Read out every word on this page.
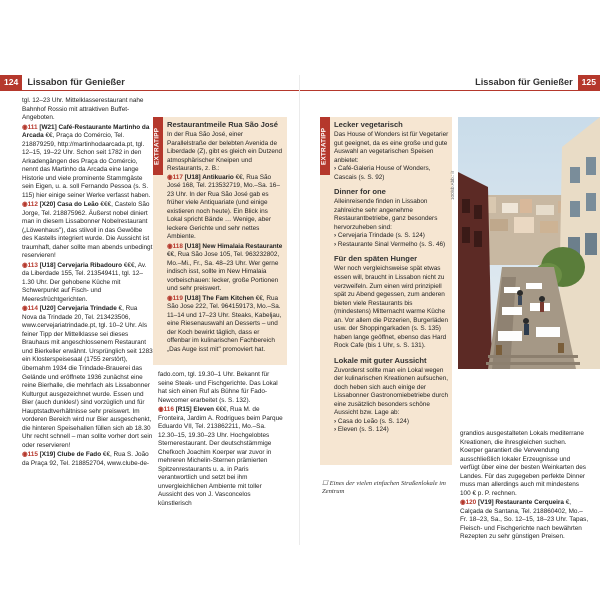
124 Lissabon für Genießer

tgl. 12–23 Uhr. Mittelklasserestaurant nahe Bahnhof Rossio mit attraktiven Buffet-Angeboten.

◉111 [W21] Café-Restaurante Martinho da Arcada €€, Praça do Comércio, Tel. 218879259, http://martinhodaarcada.pt, tgl. 12–15, 19–22 Uhr. Schon seit 1782 in den Arkadengängen des Praça do Comércio, nennt das Martinho da Arcada eine lange Historie und viele prominente Stammgäste sein Eigen, u. a. soll Fernando Pessoa (s. S. 115) hier einige seiner Werke verfasst haben.

◉112 [X20] Casa do Leão €€€, Castelo São Jorge, Tel. 218875962. Äußerst nobel diniert man in diesem Lissabonner Nobelrestaurant („Löwenhaus"), das stilvoll in das Gewölbe des Kastells integriert wurde. Die Aussicht ist traumhaft, daher sollte man abends unbedingt reservieren!

◉113 [U18] Cervejaria Ribadouro €€€, Av. da Liberdade 155, Tel. 213549411, tgl. 12–1.30 Uhr. Der gehobene Küche mit Schwerpunkt auf Fisch- und Meeresfrüchtgerichten.

◉114 [U20] Cervejaria Trindade €, Rua Nova da Trindade 20, Tel. 213423506, www.cervejariatrindade.pt, tgl. 10–2 Uhr. Als feiner Tipp der Mittelklasse sei dieses Brauhaus mit angeschlossenem Restaurant und Bierkeller erwähnt. Ursprünglich seit 1283 ein Klosterspeisesaal (1755 zerstört), übernahm 1934 die Trindade-Brauerei das Gelände und eröffnete 1936 zunächst eine reine Bierhalle, die mehrfach als Lissabonner Kulturgut ausgezeichnet wurde. Essen und Bier (auch dunkles!) sind vorzüglich und für Hauptstadtverhältnisse sehr preiswert. Im vorderen Bereich wird nur Bier ausgeschenkt, die hinteren Speisehallen füllen sich ab 18.30 Uhr recht schnell – man sollte vorher dort sein oder reservieren!

◉115 [X19] Clube de Fado €€, Rua S. João da Praça 92, Tel. 218852704, www.clube-de-

fado.com, tgl. 19.30–1 Uhr. Bekannt für seine Steak- und Fischgerichte. Das Lokal hat sich einen Ruf als Bühne für Fado-Newcomer erarbeitet (s. S. 132).

◉116 [R15] Eleven €€€, Rua M. de Fronteira, Jardim A. Rodrigues beim Parque Eduardo VII, Tel. 213862211, Mo.–Sa. 12.30–15, 19.30–23 Uhr. Hochgelobtes Sternerestaurant. Der deutschstämmige Chefkoch Joachim Koerper war zuvor in mehreren Michelin-Sternen prämierten Spitzenrestaurants u. a. in Paris verantwortlich und setzt bei ihm unvergleichlichen Ambiente mit toller Aussicht des von J. Vasconcelos künstlerisch

EXTRATIPP
Restaurantmeile Rua São José

In der Rua São José, einer Parallelstraße der belebten Avenida de Liberdade (Z), gibt es gleich ein Dutzend atmosphärischer Kneipen und Restaurants, z. B.:

◉117 [U18] Antikuario €€, Rua São José 168, Tel. 213532719, Mo.–Sa. 16–23 Uhr. In der Rua São José gab es früher viele Antiquariate (und einige existieren noch heute). Ein Blick ins Lokal spricht Bände … Wenige, aber leckere Gerichte und sehr nettes Ambiente.

◉118 [U18] New Himalaia Restaurante €€, Rua São Jose 105, Tel. 963232802, Mo.–Mi., Fr., Sa. 48–23 Uhr. Wer gerne indisch isst, sollte im New Himalaia vorbeischauen: lecker, große Portionen und sehr preiswert.

◉119 [U18] The Fam Kitchen €€, Rua São Jose 222, Tel. 964159173, Mo.–Sa. 11–14 und 17–23 Uhr. Steaks, Kabeljau, eine Riesenauswahl an Desserts – und der Koch bewirkt täglich, dass er offenbar im kulinarischen Fachbereich „Das Auge isst mit" promoviert hat.

Lissabon für Genießer	125
EXTRATIPP
Lecker vegetarisch

Das House of Wonders ist für Vegetarier gut geeignet, da es eine große und gute Auswahl an vegetarischen Speisen anbietet:

› Café-Galeria House of Wonders, Cascais (s. S. 92)
Dinner for one

Alleinreisende finden in Lissabon zahlreiche sehr angenehme Restaurantbetriebe, ganz besonders hervorzuheben sind:

› Cervejaria Trindade (s. S. 124)
› Restaurante Sinal Vermelho (s. S. 46)
Für den späten Hunger

Wer noch vergleichsweise spät etwas essen will, braucht in Lissabon nicht zu verzweifeln. Zum einen wird prinzipiell spät zu Abend gegessen, zum anderen bieten viele Restaurants bis (mindestens) Mitternacht warme Küche an. Vor allem die Pizzerien, Burgerläden usw. der Shoppingarkaden (s. S. 135) haben lange geöffnet, ebenso das Hard Rock Cafe (bis 1 Uhr, s. S. 131).

Lokale mit guter Aussicht

Zuvorderst sollte man ein Lokal wegen der kulinarischen Kreationen aufsuchen, doch heben sich auch einige der Lissabonner Gastronomiebetriebe durch eine zusätzlich besonders schöne Aussicht bzw. Lage ab:

› Casa do Leão (s. S. 124)
› Eleven (s. S. 124)
☐ Eines der vielen einfachen Straßenlokale im Zentrum
100lsb Abb.: ir

grandios ausgestalteten Lokals mediterrane Kreationen, die ihresgleichen suchen. Koerper garantiert die Verwendung ausschließlich lokaler Erzeugnisse und verfügt über eine der besten Weinkarten des Landes. Für das zugegeben perfekte Dinner muss man allerdings auch mit mindestens 100 € p. P. rechnen.

◉120 [V19] Restaurante Cerqueira €, Calçada de Santana, Tel. 218860402, Mo.–Fr. 18–23, Sa., So. 12–15, 18–23 Uhr. Tapas, Fleisch- und Fischgerichte nach bewährten Rezepten zu sehr günstigen Preisen.
